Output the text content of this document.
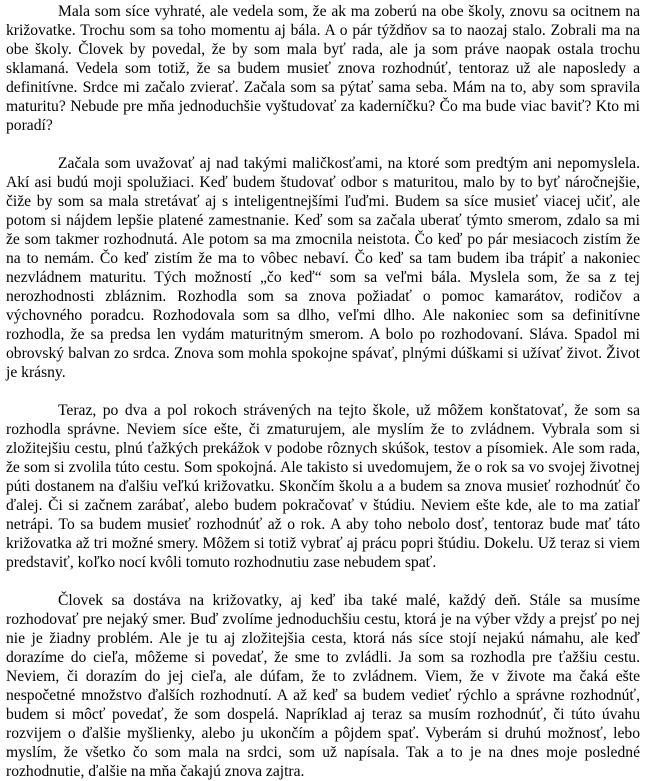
Mala som síce vyhraté, ale vedela som, že ak ma zoberú na obe školy, znovu sa ocitnem na križovatke. Trochu som sa toho momentu aj bála. A o pár týždňov sa to naozaj stalo. Zobrali ma na obe školy. Človek by povedal, že by som mala byť rada, ale ja som práve naopak ostala trochu sklamaná. Vedela som totiž, že sa budem musieť znova rozhodnúť, tentoraz už ale naposledy a definitívne. Srdce mi začalo zvierať. Začala som sa pýtať sama seba. Mám na to, aby som spravila maturitu? Nebude pre mňa jednoduchšie vyštudovať za kaderníčku? Čo ma bude viac baviť? Kto mi poradí?

Začala som uvažovať aj nad takými maličkosťami, na ktoré som predtým ani nepomyslela. Akí asi budú moji spolužiaci. Keď budem študovať odbor s maturitou, malo by to byť náročnejšie, čiže by som sa mala stretávať aj s inteligentnejšími ľuďmi. Budem sa síce musieť viacej učiť, ale potom si nájdem lepšie platené zamestnanie. Keď som sa začala uberať týmto smerom, zdalo sa mi že som takmer rozhodnutá. Ale potom sa ma zmocnila neistota. Čo keď po pár mesiacoch zistím že na to nemám. Čo keď zistím že ma to vôbec nebaví. Čo keď sa tam budem iba trápiť a nakoniec nezvládnem maturitu. Tých možností „čo keď“ som sa veľmi bála. Myslela som, že sa z tej nerozhodnosti zbláznim. Rozhodla som sa znova požiadať o pomoc kamarátov, rodičov a výchovného poradcu. Rozhodovala som sa dlho, veľmi dlho. Ale nakoniec som sa definitívne rozhodla, že sa predsa len vydám maturitným smerom. A bolo po rozhodovaní. Sláva. Spadol mi obrovský balvan zo srdca. Znova som mohla spokojne spávať, plnými dúškami si užívať život. Život je krásny.

Teraz, po dva a pol rokoch strávených na tejto škole, už môžem konštatovať, že som sa rozhodla správne. Neviem síce ešte, či zmaturujem, ale myslím že to zvládnem. Vybrala som si zložitejšiu cestu, plnú ťažkých prekážok v podobe rôznych skúšok, testov a písomiek. Ale som rada, že som si zvolila túto cestu. Som spokojná. Ale takisto si uvedomujem, že o rok sa vo svojej životnej púti dostanem na ďalšiu veľkú križovatku. Skončím školu a a budem sa znova musieť rozhodnúť čo ďalej. Či si začnem zarábať, alebo budem pokračovať v štúdiu. Neviem ešte kde, ale to ma zatiaľ netrápi. To sa budem musieť rozhodnúť až o rok. A aby toho nebolo dosť, tentoraz bude mať táto križovatka až tri možné smery. Môžem si totiž vybrať aj prácu popri štúdiu. Dokelu. Už teraz si viem predstaviť, koľko nocí kvôli tomuto rozhodnutiu zase nebudem spať.

Človek sa dostáva na križovatky, aj keď iba také malé, každý deň. Stále sa musíme rozhodovať pre nejaký smer. Buď zvolíme jednoduchšiu cestu, ktorá je na výber vždy a prejsť po nej nie je žiadny problém. Ale je tu aj zložitejšia cesta, ktorá nás síce stojí nejakú námahu, ale keď dorazíme do cieľa, môžeme si povedať, že sme to zvládli. Ja som sa rozhodla pre ťažšiu cestu. Neviem, či dorazím do jej cieľa, ale dúfam, že to zvládnem. Viem, že v živote ma čaká ešte nespočetné množstvo ďalších rozhodnutí. A až keď sa budem vedieť rýchlo a správne rozhodnúť, budem si môcť povedať, že som dospelá. Napríklad aj teraz sa musím rozhodnúť, či túto úvahu rozvijem o ďalšie myšlienky, alebo ju ukončím a pôjdem spať. Vyberám si druhú možnosť, lebo myslím, že všetko čo som mala na srdci, som už napísala. Tak a to je na dnes moje posledné rozhodnutie, ďalšie na mňa čakajú znova zajtra.
